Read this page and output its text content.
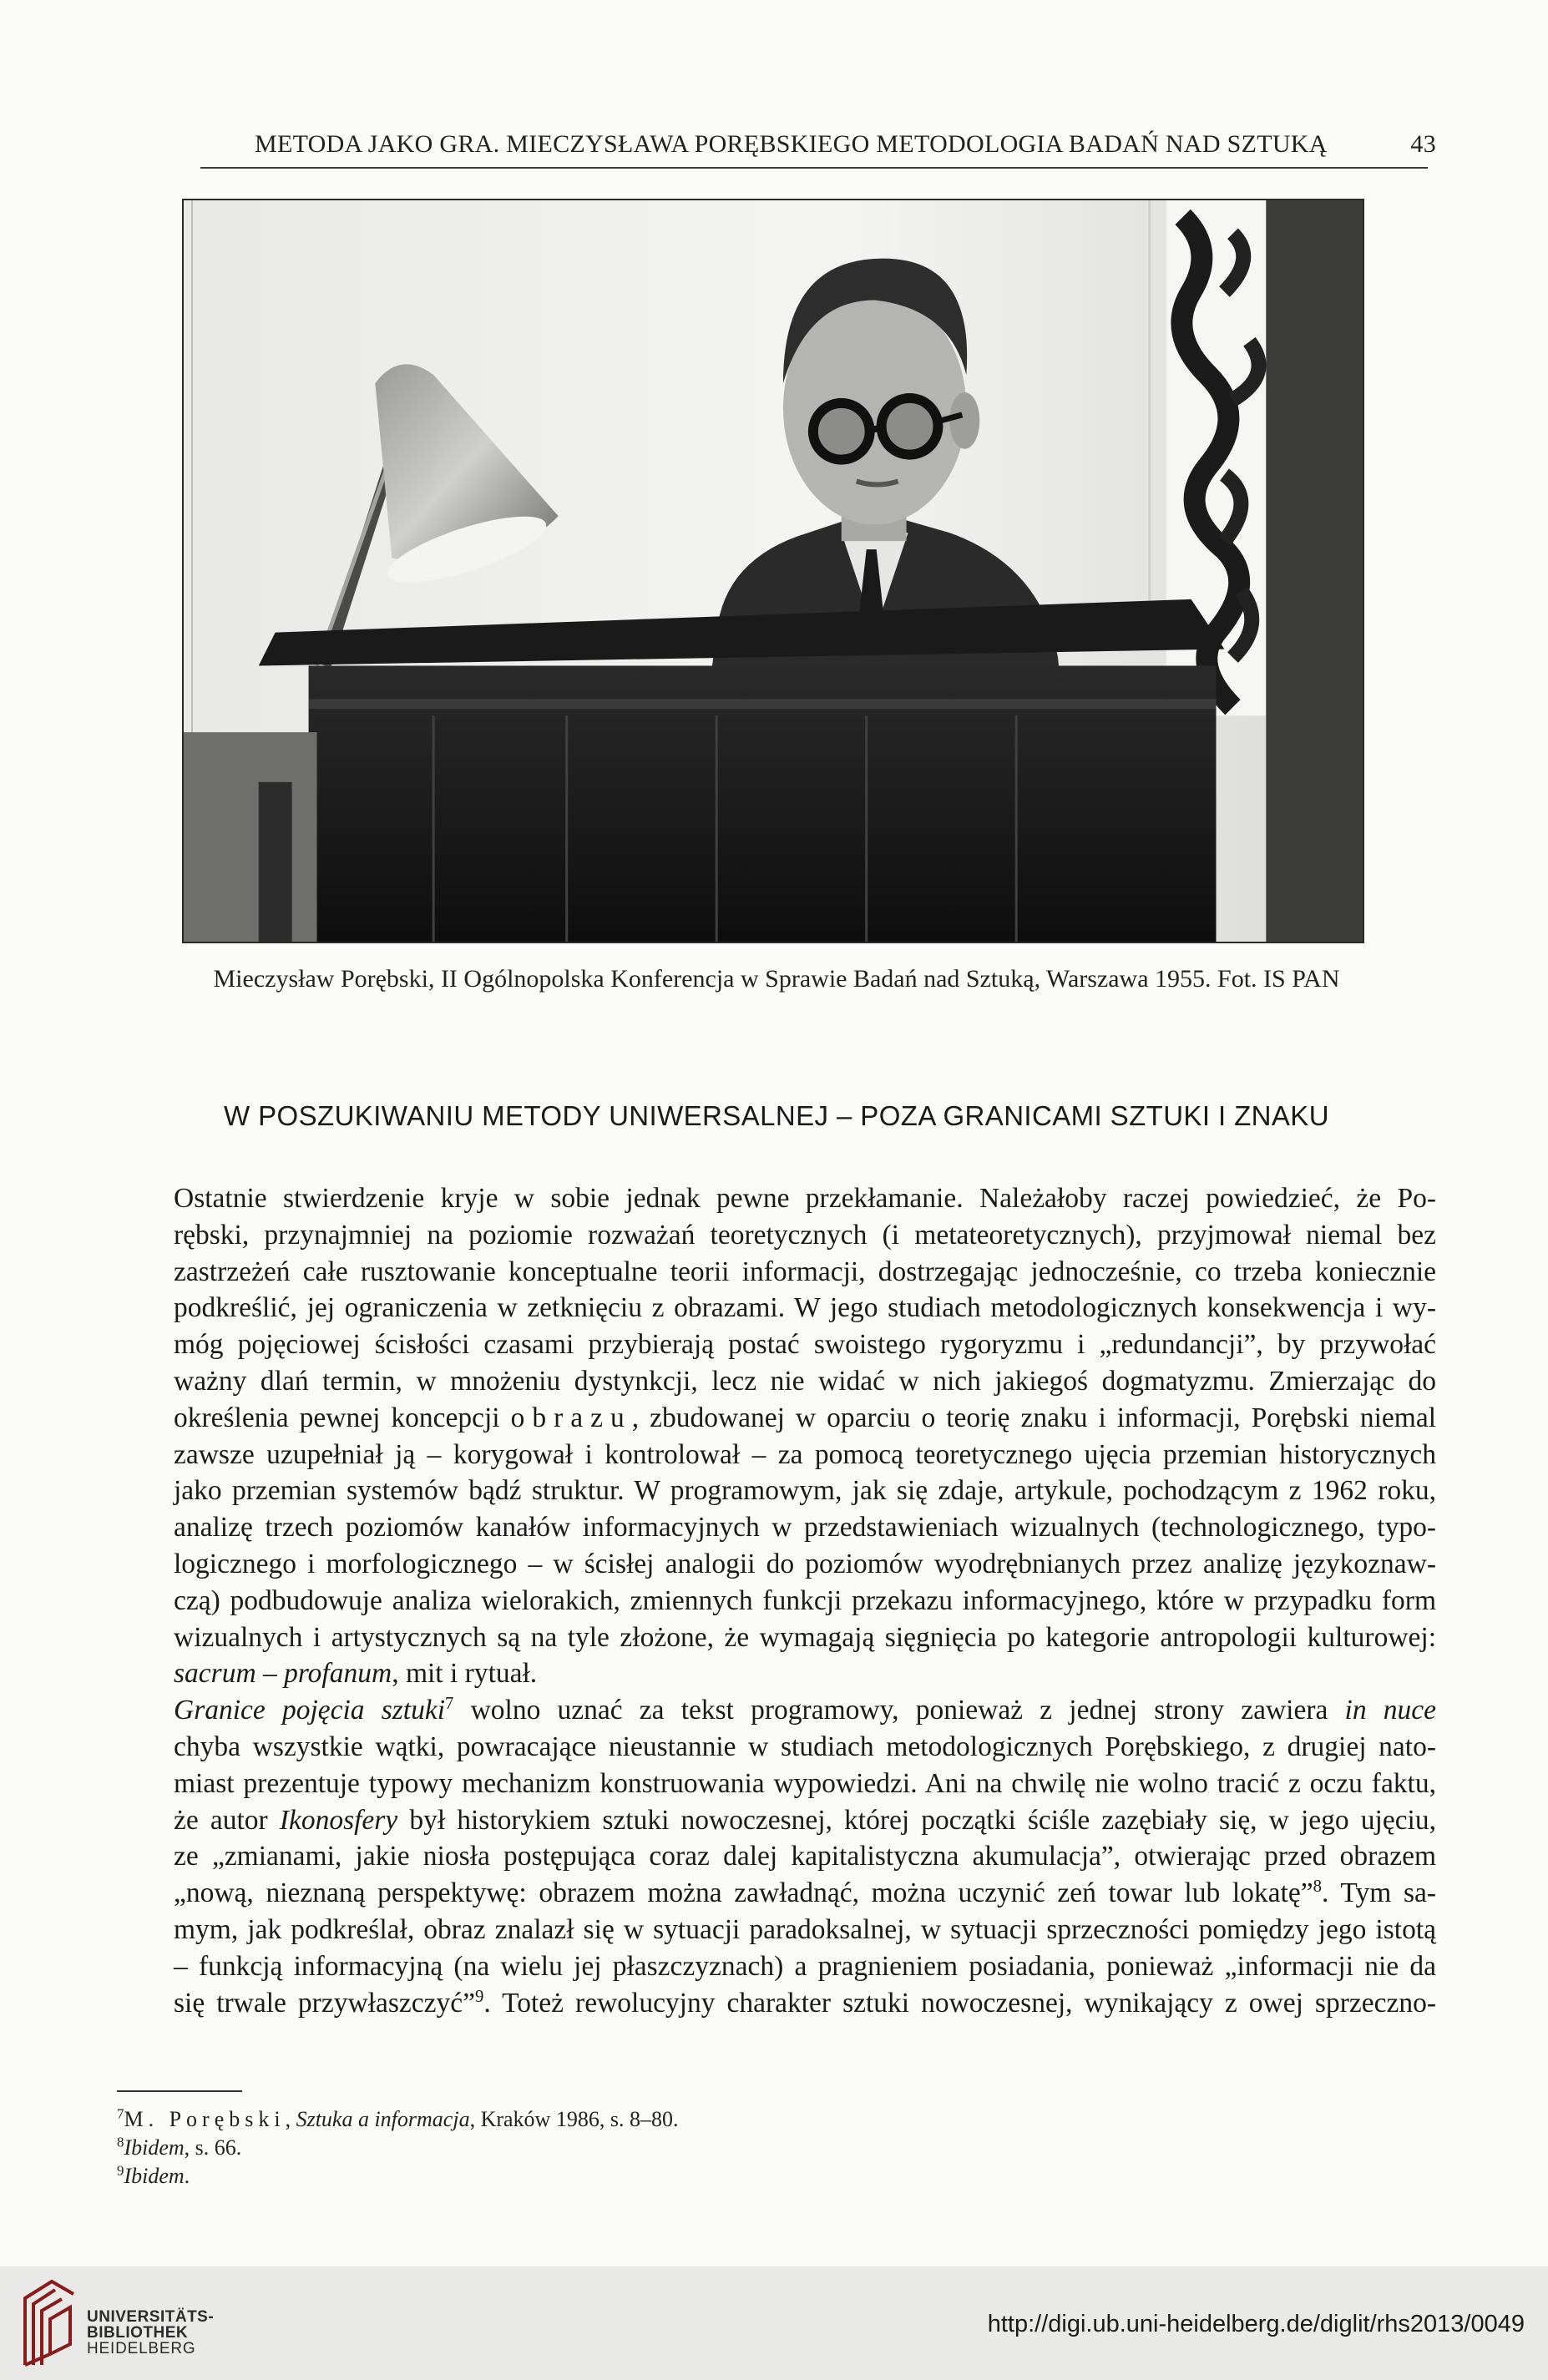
METODA JAKO GRA. MIECZYSŁAWA PORĘBSKIEGO METODOLOGIA BADAŃ NAD SZTUKĄ	43
Mieczysław Porębski, II Ogólnopolska Konferencja w Sprawie Badań nad Sztuką, Warszawa 1955. Fot. IS PAN
W POSZUKIWANIU METODY UNIWERSALNEJ – POZA GRANICAMI SZTUKI I ZNAKU

Ostatnie stwierdzenie kryje w sobie jednak pewne przekłamanie. Należałoby raczej powiedzieć, że Po-
rębski, przynajmniej na poziomie rozważań teoretycznych (i metateoretycznych), przyjmował niemal bez
zastrzeżeń całe rusztowanie konceptualne teorii informacji, dostrzegając jednocześnie, co trzeba koniecznie
podkreślić, jej ograniczenia w zetknięciu z obrazami. W jego studiach metodologicznych konsekwencja i wy-
móg pojęciowej ścisłości czasami przybierają postać swoistego rygoryzmu i „redundancji”, by przywołać
ważny dlań termin, w mnożeniu dystynkcji, lecz nie widać w nich jakiegoś dogmatyzmu. Zmierzając do
określenia pewnej koncepcji obrazu, zbudowanej w oparciu o teorię znaku i informacji, Porębski niemal
zawsze uzupełniał ją – korygował i kontrolował – za pomocą teoretycznego ujęcia przemian historycznych
jako przemian systemów bądź struktur. W programowym, jak się zdaje, artykule, pochodzącym z 1962 roku,
analizę trzech poziomów kanałów informacyjnych w przedstawieniach wizualnych (technologicznego, typo-
logicznego i morfologicznego – w ścisłej analogii do poziomów wyodrębnianych przez analizę językoznaw-
czą) podbudowuje analiza wielorakich, zmiennych funkcji przekazu informacyjnego, które w przypadku form
wizualnych i artystycznych są na tyle złożone, że wymagają sięgnięcia po kategorie antropologii kulturowej:
sacrum – profanum, mit i rytuał.

Granice pojęcia sztuki$^7$ wolno uznać za tekst programowy, ponieważ z jednej strony zawiera in nuce
chyba wszystkie wątki, powracające nieustannie w studiach metodologicznych Porębskiego, z drugiej nato-
miast prezentuje typowy mechanizm konstruowania wypowiedzi. Ani na chwilę nie wolno tracić z oczu faktu,
że autor Ikonosfery był historykiem sztuki nowoczesnej, której początki ściśle zazębiały się, w jego ujęciu,
ze „zmianami, jakie niosła postępująca coraz dalej kapitalistyczna akumulacja”, otwierając przed obrazem
„nową, nieznaną perspektywę: obrazem można zawładnąć, można uczynić zeń towar lub lokatę”$^8$. Tym sa-
mym, jak podkreślał, obraz znalazł się w sytuacji paradoksalnej, w sytuacji sprzeczności pomiędzy jego istotą
– funkcją informacyjną (na wielu jej płaszczyznach) a pragnieniem posiadania, ponieważ „informacji nie da
się trwale przywłaszczyć”$^9$. Toteż rewolucyjny charakter sztuki nowoczesnej, wynikający z owej sprzeczno-

$^7$M. Porębski, Sztuka a informacja, Kraków 1986, s. 8–80.
$^8$Ibidem, s. 66.
$^9$Ibidem.
UNIVERSITÄTS-
BIBLIOTHEK
HEIDELBERG
http://digi.ub.uni-heidelberg.de/diglit/rhs2013/0049
